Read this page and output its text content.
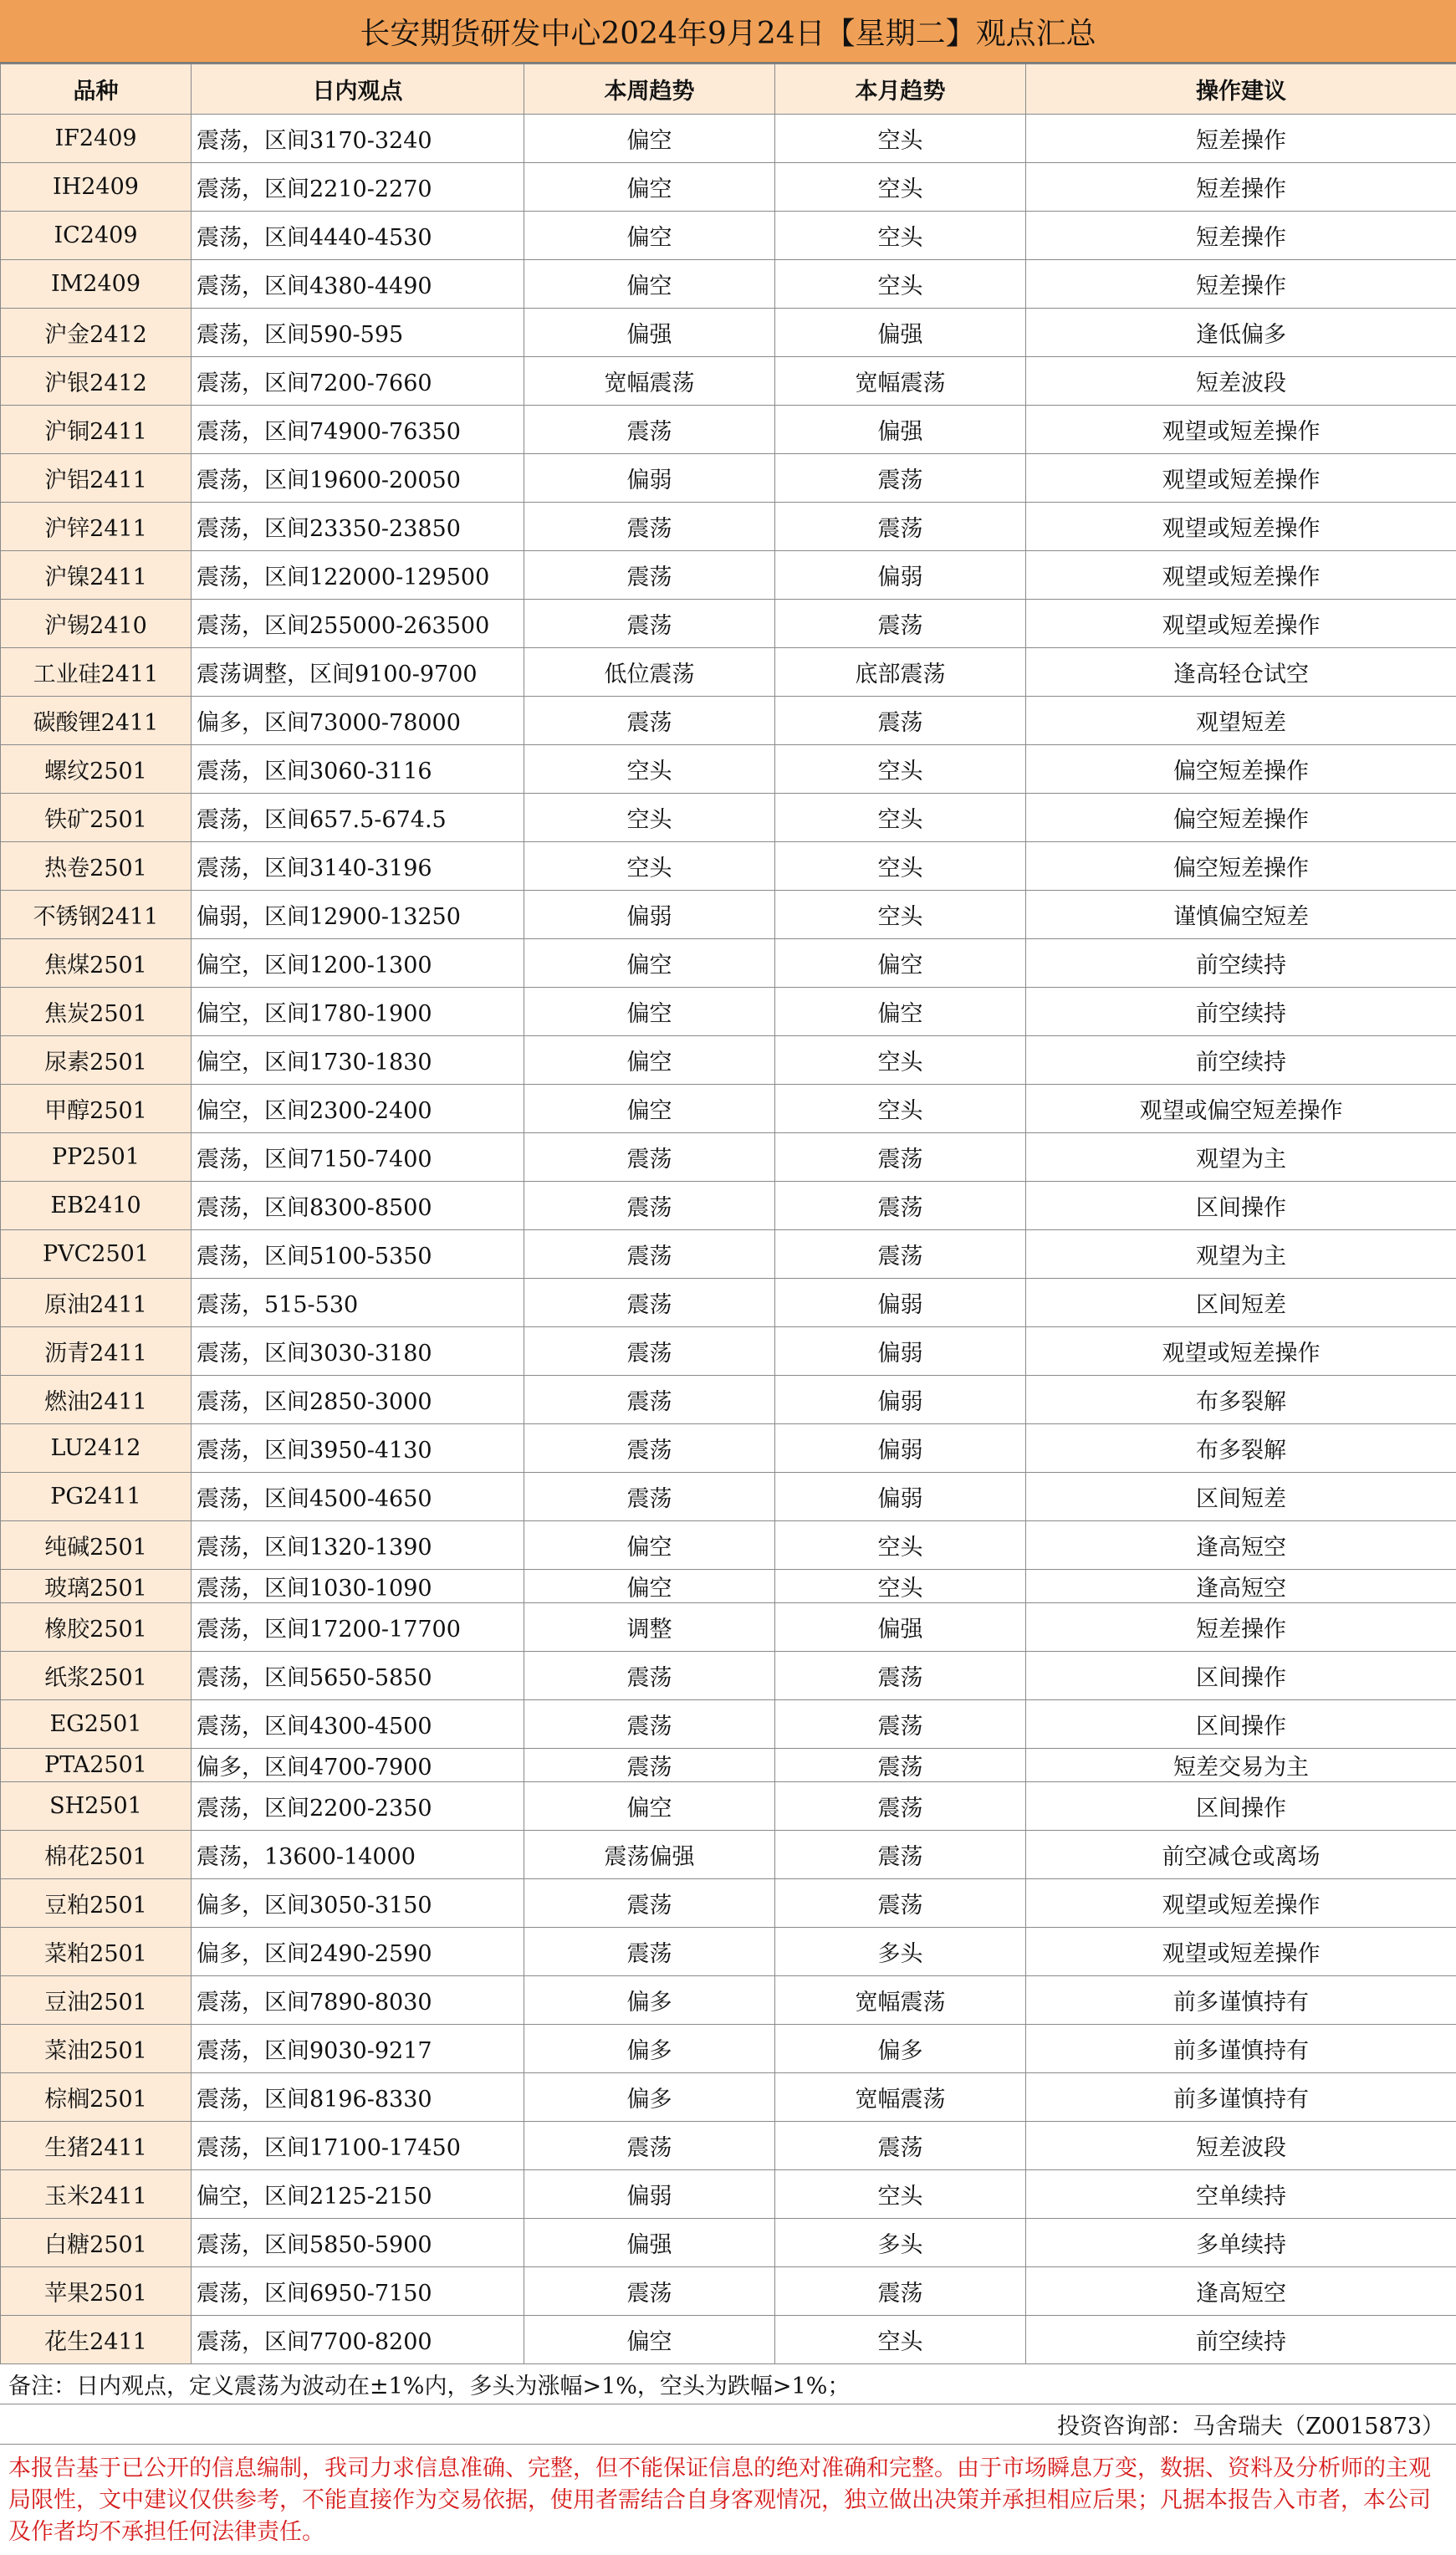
长安期货研发中心2024年9月24日【星期二】观点汇总
品种	日内观点	本周趋势	本月趋势	操作建议
IF2409	震荡，区间3170-3240	偏空	空头	短差操作
IH2409	震荡，区间2210-2270	偏空	空头	短差操作
IC2409	震荡，区间4440-4530	偏空	空头	短差操作
IM2409	震荡，区间4380-4490	偏空	空头	短差操作
沪金2412	震荡，区间590-595	偏强	偏强	逢低偏多
沪银2412	震荡，区间7200-7660	宽幅震荡	宽幅震荡	短差波段
沪铜2411	震荡，区间74900-76350	震荡	偏强	观望或短差操作
沪铝2411	震荡，区间19600-20050	偏弱	震荡	观望或短差操作
沪锌2411	震荡，区间23350-23850	震荡	震荡	观望或短差操作
沪镍2411	震荡，区间122000-129500	震荡	偏弱	观望或短差操作
沪锡2410	震荡，区间255000-263500	震荡	震荡	观望或短差操作
工业硅2411	震荡调整，区间9100-9700	低位震荡	底部震荡	逢高轻仓试空
碳酸锂2411	偏多，区间73000-78000	震荡	震荡	观望短差
螺纹2501	震荡，区间3060-3116	空头	空头	偏空短差操作
铁矿2501	震荡，区间657.5-674.5	空头	空头	偏空短差操作
热卷2501	震荡，区间3140-3196	空头	空头	偏空短差操作
不锈钢2411	偏弱，区间12900-13250	偏弱	空头	谨慎偏空短差
焦煤2501	偏空，区间1200-1300	偏空	偏空	前空续持
焦炭2501	偏空，区间1780-1900	偏空	偏空	前空续持
尿素2501	偏空，区间1730-1830	偏空	空头	前空续持
甲醇2501	偏空，区间2300-2400	偏空	空头	观望或偏空短差操作
PP2501	震荡，区间7150-7400	震荡	震荡	观望为主
EB2410	震荡，区间8300-8500	震荡	震荡	区间操作
PVC2501	震荡，区间5100-5350	震荡	震荡	观望为主
原油2411	震荡，515-530	震荡	偏弱	区间短差
沥青2411	震荡，区间3030-3180	震荡	偏弱	观望或短差操作
燃油2411	震荡，区间2850-3000	震荡	偏弱	布多裂解
LU2412	震荡，区间3950-4130	震荡	偏弱	布多裂解
PG2411	震荡，区间4500-4650	震荡	偏弱	区间短差
纯碱2501	震荡，区间1320-1390	偏空	空头	逢高短空
玻璃2501	震荡，区间1030-1090	偏空	空头	逢高短空
橡胶2501	震荡，区间17200-17700	调整	偏强	短差操作
纸浆2501	震荡，区间5650-5850	震荡	震荡	区间操作
EG2501	震荡，区间4300-4500	震荡	震荡	区间操作
PTA2501	偏多，区间4700-7900	震荡	震荡	短差交易为主
SH2501	震荡，区间2200-2350	偏空	震荡	区间操作
棉花2501	震荡，13600-14000	震荡偏强	震荡	前空减仓或离场
豆粕2501	偏多，区间3050-3150	震荡	震荡	观望或短差操作
菜粕2501	偏多，区间2490-2590	震荡	多头	观望或短差操作
豆油2501	震荡，区间7890-8030	偏多	宽幅震荡	前多谨慎持有
菜油2501	震荡，区间9030-9217	偏多	偏多	前多谨慎持有
棕榈2501	震荡，区间8196-8330	偏多	宽幅震荡	前多谨慎持有
生猪2411	震荡，区间17100-17450	震荡	震荡	短差波段
玉米2411	偏空，区间2125-2150	偏弱	空头	空单续持
白糖2501	震荡，区间5850-5900	偏强	多头	多单续持
苹果2501	震荡，区间6950-7150	震荡	震荡	逢高短空
花生2411	震荡，区间7700-8200	偏空	空头	前空续持
备注：日内观点，定义震荡为波动在±1%内，多头为涨幅>1%，空头为跌幅>1%；
投资咨询部：马舍瑞夫（Z0015873）
本报告基于已公开的信息编制，我司力求信息准确、完整，但不能保证信息的绝对准确和完整。由于市场瞬息万变，数据、资料及分析师的主观局限性，文中建议仅供参考，不能直接作为交易依据，使用者需结合自身客观情况，独立做出决策并承担相应后果；凡据本报告入市者，本公司及作者均不承担任何法律责任。
